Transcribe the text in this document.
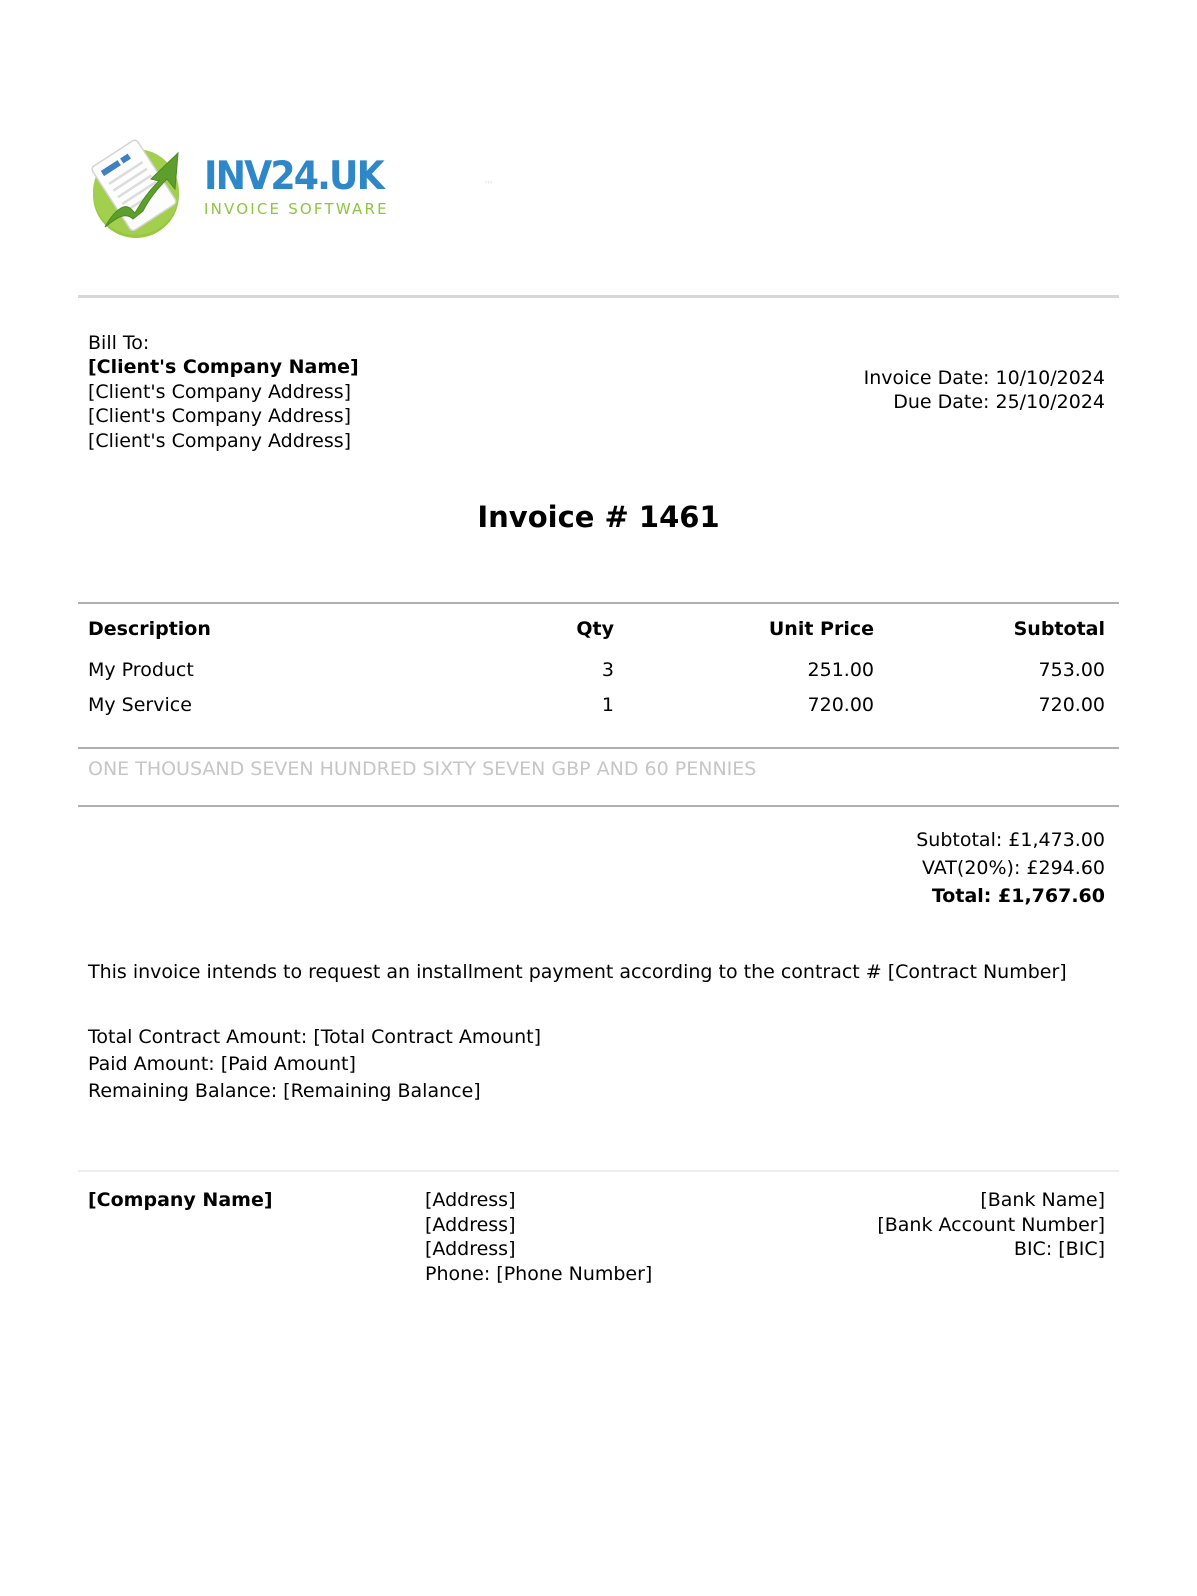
INV24.UK
INVOICE SOFTWARE
™
Bill To:
[Client's Company Name]
[Client's Company Address]
[Client's Company Address]
[Client's Company Address]
Invoice Date: 10/10/2024
Due Date: 25/10/2024
Invoice # 1461
Description	Qty	Unit Price	Subtotal
My Product	3	251.00	753.00
My Service	1	720.00	720.00
ONE THOUSAND SEVEN HUNDRED SIXTY SEVEN GBP AND 60 PENNIES
Subtotal: £1,473.00
VAT(20%): £294.60
Total: £1,767.60
This invoice intends to request an installment payment according to the contract # [Contract Number]
Total Contract Amount: [Total Contract Amount]
Paid Amount: [Paid Amount]
Remaining Balance: [Remaining Balance]
[Company Name]	[Address]
[Address]
[Address]
Phone: [Phone Number]
[Bank Name]
[Bank Account Number]
BIC: [BIC]
